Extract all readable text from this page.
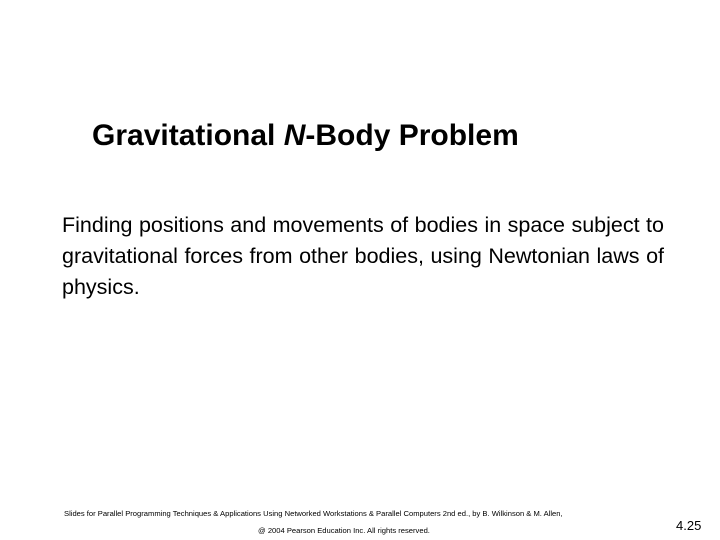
Gravitational N-Body Problem
Finding positions and movements of bodies in space subject to gravitational forces from other bodies, using Newtonian laws of physics.
Slides for Parallel Programming Techniques & Applications Using Networked Workstations & Parallel Computers 2nd ed., by B. Wilkinson & M. Allen,
@ 2004 Pearson Education Inc. All rights reserved.	4.25
